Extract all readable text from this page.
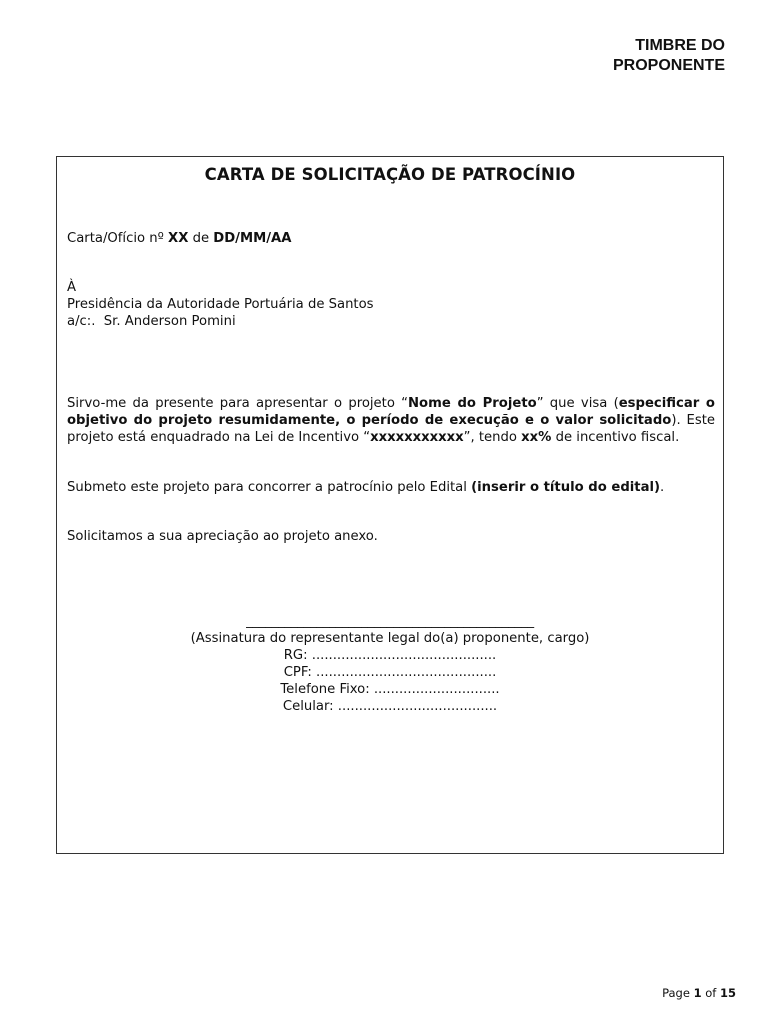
TIMBRE DO
PROPONENTE
CARTA DE SOLICITAÇÃO DE PATROCÍNIO
Carta/Ofício nº XX de DD/MM/AA
À
Presidência da Autoridade Portuária de Santos
a/c:.  Sr. Anderson Pomini
Sirvo-me da presente para apresentar o projeto “Nome do Projeto” que visa (especificar o objetivo do projeto resumidamente, o período de execução e o valor solicitado). Este projeto está enquadrado na Lei de Incentivo “xxxxxxxxxxx”, tendo xx% de incentivo fiscal.
Submeto este projeto para concorrer a patrocínio pelo Edital (inserir o título do edital).
Solicitamos a sua apreciação ao projeto anexo.
_____________________________________________
(Assinatura do representante legal do(a) proponente, cargo)
RG: ............................................
CPF: ...........................................
Telefone Fixo: ..............................
Celular: ......................................
Page 1 of 15
